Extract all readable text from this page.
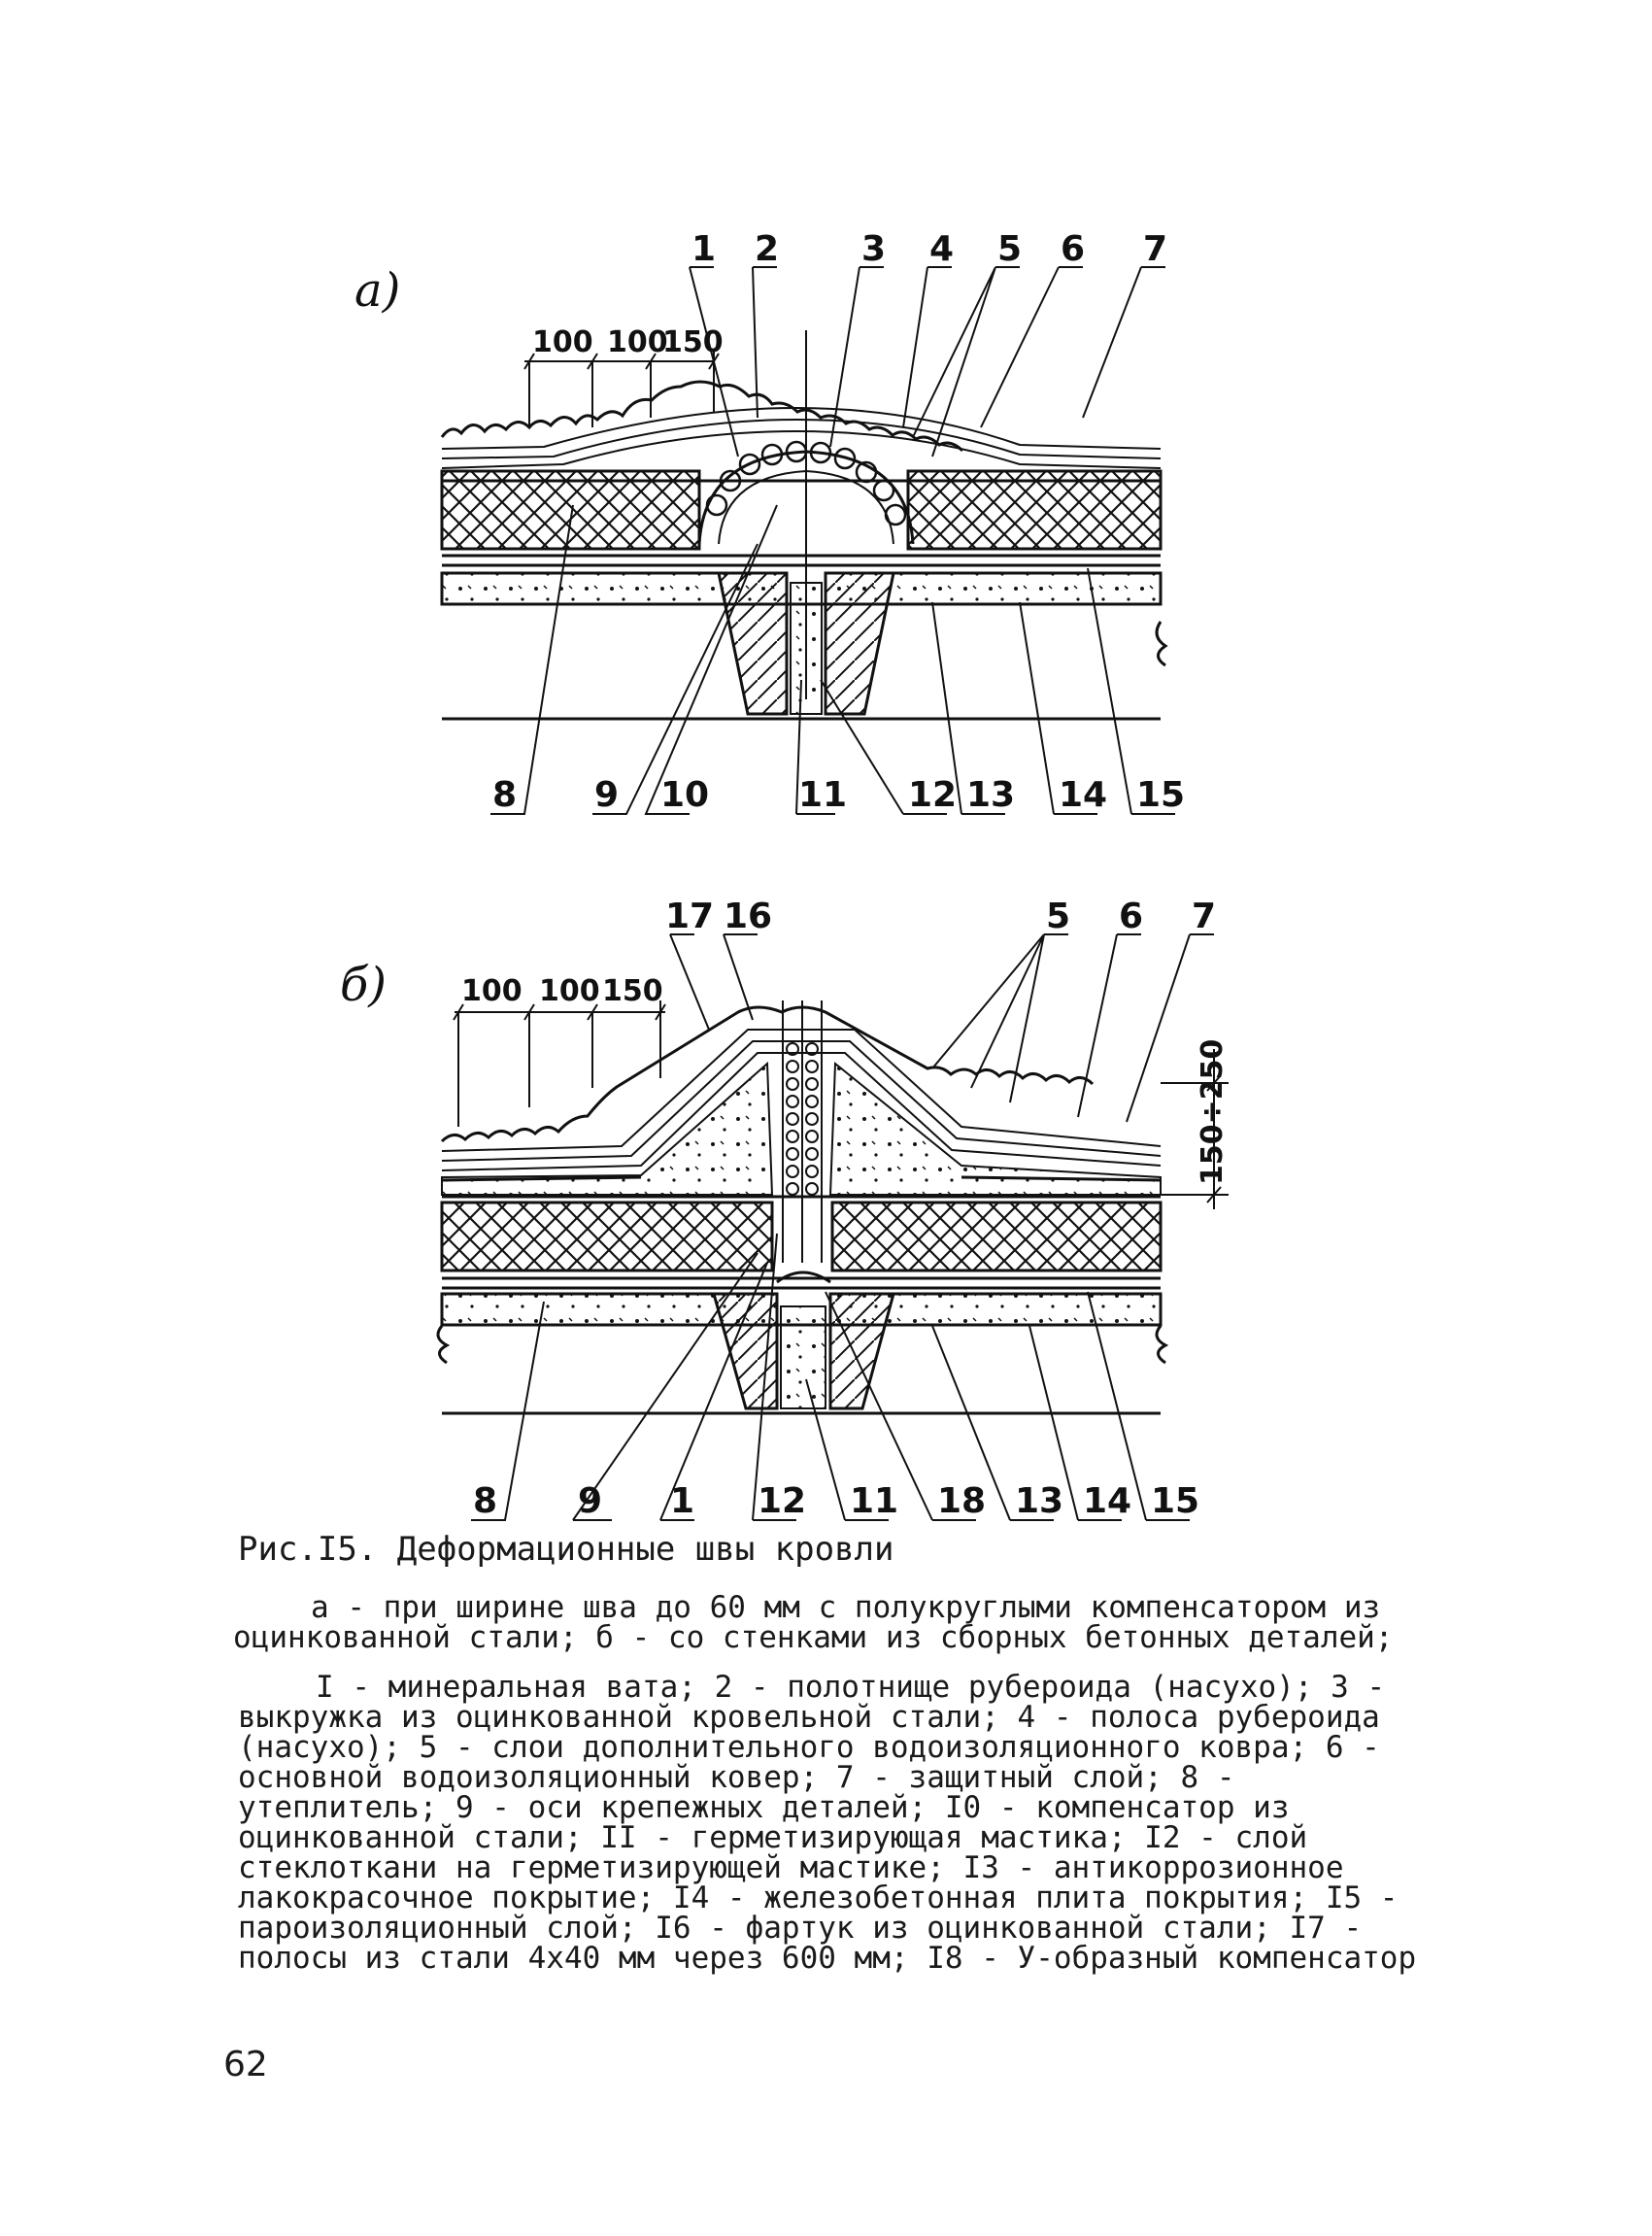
а)
100 100
150
1 2 3 4 5 6 7
8 9 10	11 12 13 14 15
б)	100 100 150
150÷250
17 16	5 6 7
8 9 1 12 11 18 13 14 15
Рис.I5. Деформационные швы кровли
а - при ширине шва до 60 мм с полукруглыми компенсатором из оцинкованной стали; б - со стенками из сборных бетонных деталей;
I - минеральная вата; 2 - полотнище рубероида (насухо); 3 - выкружка из оцинкованной кровельной стали; 4 - полоса рубероида (насухо); 5 - слои дополнительного водоизоляционного ковра; 6 - основной водоизоляционный ковер; 7 - защитный слой; 8 - утеплитель; 9 - оси крепежных деталей; I0 - компенсатор из оцинкованной стали; II - герметизирующая мастика; I2 - слой стеклоткани на герметизирующей мастике; I3 - антикоррозионное лакокрасочное покрытие; I4 - железобетонная плита покрытия; I5 - пароизоляционный слой; I6 - фартук из оцинкованной стали; I7 - полосы из стали 4х40 мм через 600 мм; I8 - У-образный компенсатор
62
